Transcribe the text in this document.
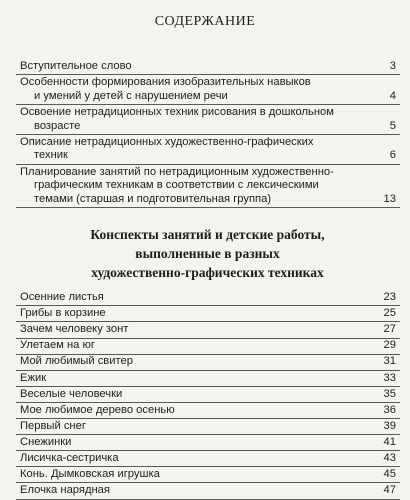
СОДЕРЖАНИЕ
Вступительное слово	3
Особенности формирования изобразительных навыков
и умений у детей с нарушением речи	4
Освоение нетрадиционных техник рисования в дошкольном
возрасте	5
Описание нетрадиционных художественно-графических
техник	6
Планирование занятий по нетрадиционным художественно-
графическим техникам в соответствии с лексическими
темами (старшая и подготовительная группа)	13
Конспекты занятий и детские работы,
выполненные в разных
художественно-графических техниках
Осенние листья	23
Грибы в корзине	25
Зачем человеку зонт	27
Улетаем на юг	29
Мой любимый свитер	31
Ежик	33
Веселые человечки	35
Мое любимое дерево осенью	36
Первый снег	39
Снежинки	41
Лисичка-сестричка	43
Конь. Дымковская игрушка	45
Елочка нарядная	47
